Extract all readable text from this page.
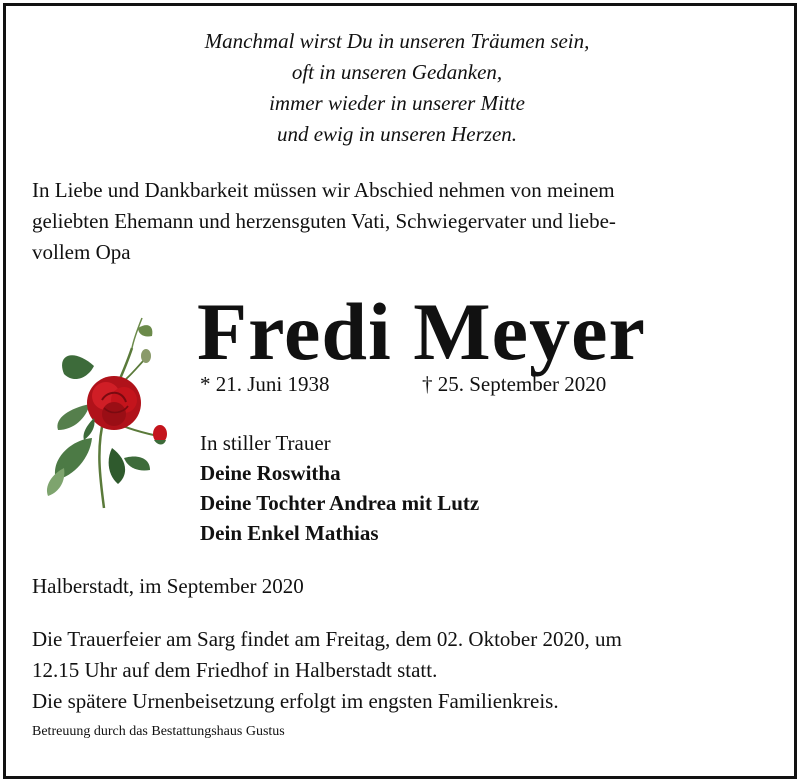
Manchmal wirst Du in unseren Träumen sein,
oft in unseren Gedanken,
immer wieder in unserer Mitte
und ewig in unseren Herzen.
In Liebe und Dankbarkeit müssen wir Abschied nehmen von meinem
geliebten Ehemann und herzensguten Vati, Schwiegervater und liebe-
vollem Opa
Fredi Meyer
* 21. Juni 1938	† 25. September 2020
In stiller Trauer
Deine Roswitha
Deine Tochter Andrea mit Lutz
Dein Enkel Mathias
Halberstadt, im September 2020
Die Trauerfeier am Sarg findet am Freitag, dem 02. Oktober 2020, um
12.15 Uhr auf dem Friedhof in Halberstadt statt.
Die spätere Urnenbeisetzung erfolgt im engsten Familienkreis.
Betreuung durch das Bestattungshaus Gustus
